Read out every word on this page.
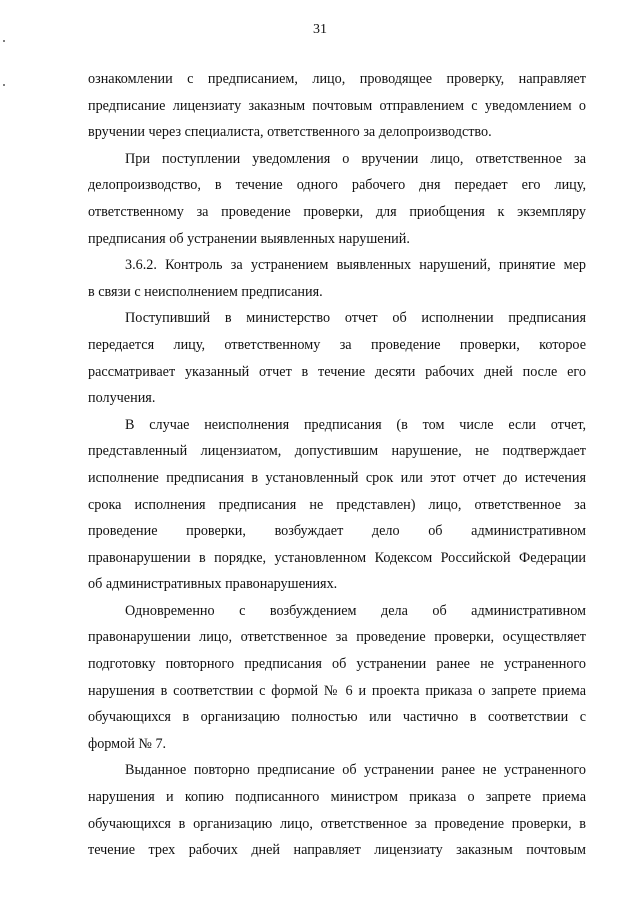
31
ознакомлении с предписанием, лицо, проводящее проверку, направляет
предписание лицензиату заказным почтовым отправлением с уведомлением о
вручении через специалиста, ответственного за делопроизводство.
При поступлении уведомления о вручении лицо, ответственное за
делопроизводство, в течение одного рабочего дня передает его лицу,
ответственному за проведение проверки, для приобщения к экземпляру
предписания об устранении выявленных нарушений.
3.6.2. Контроль за устранением выявленных нарушений, принятие мер
в связи с неисполнением предписания.
Поступивший в министерство отчет об исполнении предписания
передается лицу, ответственному за проведение проверки, которое
рассматривает указанный отчет в течение десяти рабочих дней после его
получения.
В случае неисполнения предписания (в том числе если отчет,
представленный лицензиатом, допустившим нарушение, не подтверждает
исполнение предписания в установленный срок или этот отчет до истечения
срока исполнения предписания не представлен) лицо, ответственное за
проведение проверки, возбуждает дело об административном
правонарушении в порядке, установленном Кодексом Российской Федерации
об административных правонарушениях.
Одновременно с возбуждением дела об административном
правонарушении лицо, ответственное за проведение проверки, осуществляет
подготовку повторного предписания об устранении ранее не устраненного
нарушения в соответствии с формой № 6 и проекта приказа о запрете приема
обучающихся в организацию полностью или частично в соответствии с
формой № 7.
Выданное повторно предписание об устранении ранее не устраненного
нарушения и копию подписанного министром приказа о запрете приема
обучающихся в организацию лицо, ответственное за проведение проверки, в
течение трех рабочих дней направляет лицензиату заказным почтовым
